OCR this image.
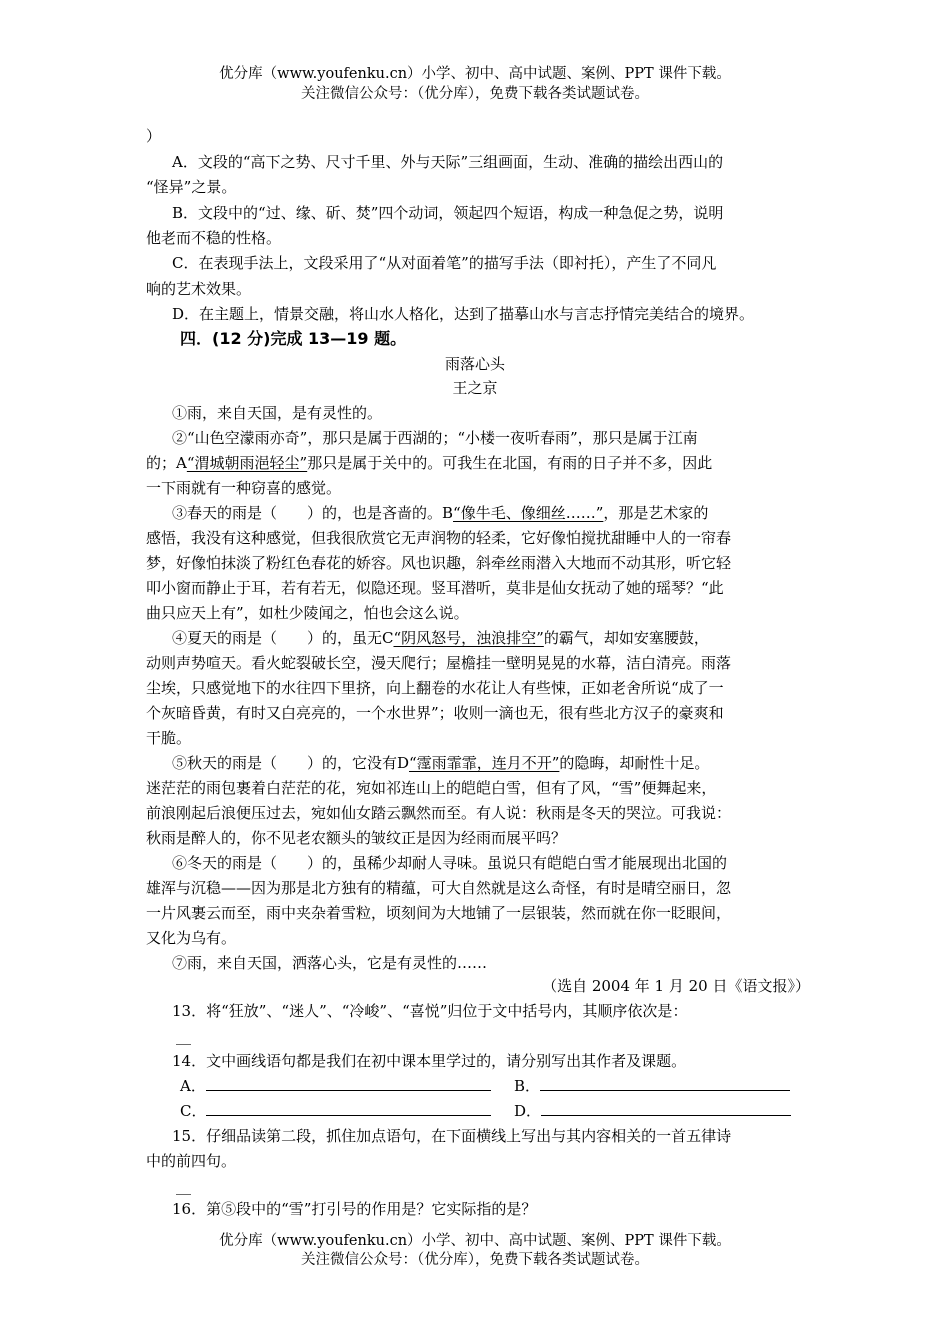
优分库（www.youfenku.cn）小学、初中、高中试题、案例、PPT 课件下载。
关注微信公众号：（优分库），免费下载各类试题试卷。
）
A．文段的“高下之势、尺寸千里、外与天际”三组画面，生动、准确的描绘出西山的
“怪异”之景。
B．文段中的“过、缘、斫、焚”四个动词，领起四个短语，构成一种急促之势，说明
他老而不稳的性格。
C．在表现手法上，文段采用了“从对面着笔”的描写手法（即衬托），产生了不同凡
响的艺术效果。
D．在主题上，情景交融，将山水人格化，达到了描摹山水与言志抒情完美结合的境界。
四．(12 分)完成 13—19 题。
雨落心头
王之京
①雨，来自天国，是有灵性的。
②“山色空濛雨亦奇”，那只是属于西湖的；“小楼一夜听春雨”，那只是属于江南
的；A“渭城朝雨浥轻尘”那只是属于关中的。可我生在北国，有雨的日子并不多，因此
一下雨就有一种窃喜的感觉。
③春天的雨是（　　）的，也是吝啬的。B“像牛毛、像细丝……”，那是艺术家的
感悟，我没有这种感觉，但我很欣赏它无声润物的轻柔，它好像怕搅扰甜睡中人的一帘春
梦，好像怕抹淡了粉红色春花的娇容。风也识趣，斜牵丝雨潜入大地而不动其形，听它轻
叩小窗而静止于耳，若有若无，似隐还现。竖耳潜听，莫非是仙女抚动了她的瑶琴？“此
曲只应天上有”，如杜少陵闻之，怕也会这么说。
④夏天的雨是（　　）的，虽无C“阴风怒号，浊浪排空”的霸气，却如安塞腰鼓，
动则声势喧天。看火蛇裂破长空，漫天爬行；屋檐挂一壁明晃晃的水幕，洁白清亮。雨落
尘埃，只感觉地下的水往四下里挤，向上翻卷的水花让人有些悚，正如老舍所说“成了一
个灰暗昏黄，有时又白亮亮的，一个水世界”；收则一滴也无，很有些北方汉子的豪爽和
干脆。
⑤秋天的雨是（　　）的，它没有D“霪雨霏霏，连月不开”的隐晦，却耐性十足。
迷茫茫的雨包裹着白茫茫的花，宛如祁连山上的皑皑白雪，但有了风，“雪”便舞起来，
前浪刚起后浪便压过去，宛如仙女踏云飘然而至。有人说：秋雨是冬天的哭泣。可我说：
秋雨是醉人的，你不见老农额头的皱纹正是因为经雨而展平吗？
⑥冬天的雨是（　　）的，虽稀少却耐人寻味。虽说只有皑皑白雪才能展现出北国的
雄浑与沉稳——因为那是北方独有的精蕴，可大自然就是这么奇怪，有时是晴空丽日，忽
一片风裹云而至，雨中夹杂着雪粒，顷刻间为大地铺了一层银装，然而就在你一眨眼间，
又化为乌有。
⑦雨，来自天国，洒落心头，它是有灵性的……
（选自 2004 年 1 月 20 日《语文报》）
13．将“狂放”、“迷人”、“冷峻”、“喜悦”归位于文中括号内，其顺序依次是：
__
14．文中画线语句都是我们在初中课本里学过的，请分别写出其作者及课题。
A．	B．
C．	D．
15．仔细品读第二段，抓住加点语句，在下面横线上写出与其内容相关的一首五律诗
中的前四句。
__
16．第⑤段中的“雪”打引号的作用是？它实际指的是？
优分库（www.youfenku.cn）小学、初中、高中试题、案例、PPT 课件下载。
关注微信公众号：（优分库），免费下载各类试题试卷。
